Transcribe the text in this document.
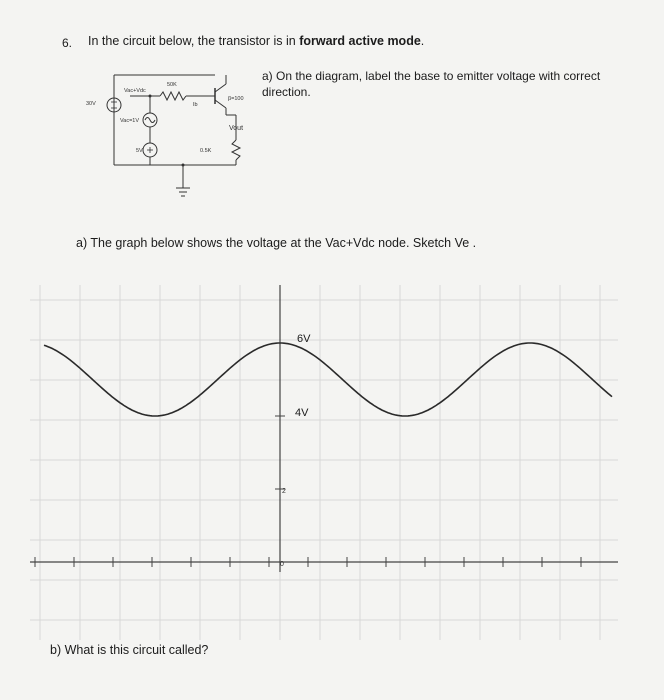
6. In the circuit below, the transistor is in forward active mode.
a) On the diagram, label the base to emitter voltage with correct direction.
30V
Vac+Vdc
50K
Ib
β=100
Vout
Vac=1V
5V	0.5K
a) The graph below shows the voltage at the Vac+Vdc node. Sketch Ve .
6V
4V
2
0
b) What is this circuit called?
